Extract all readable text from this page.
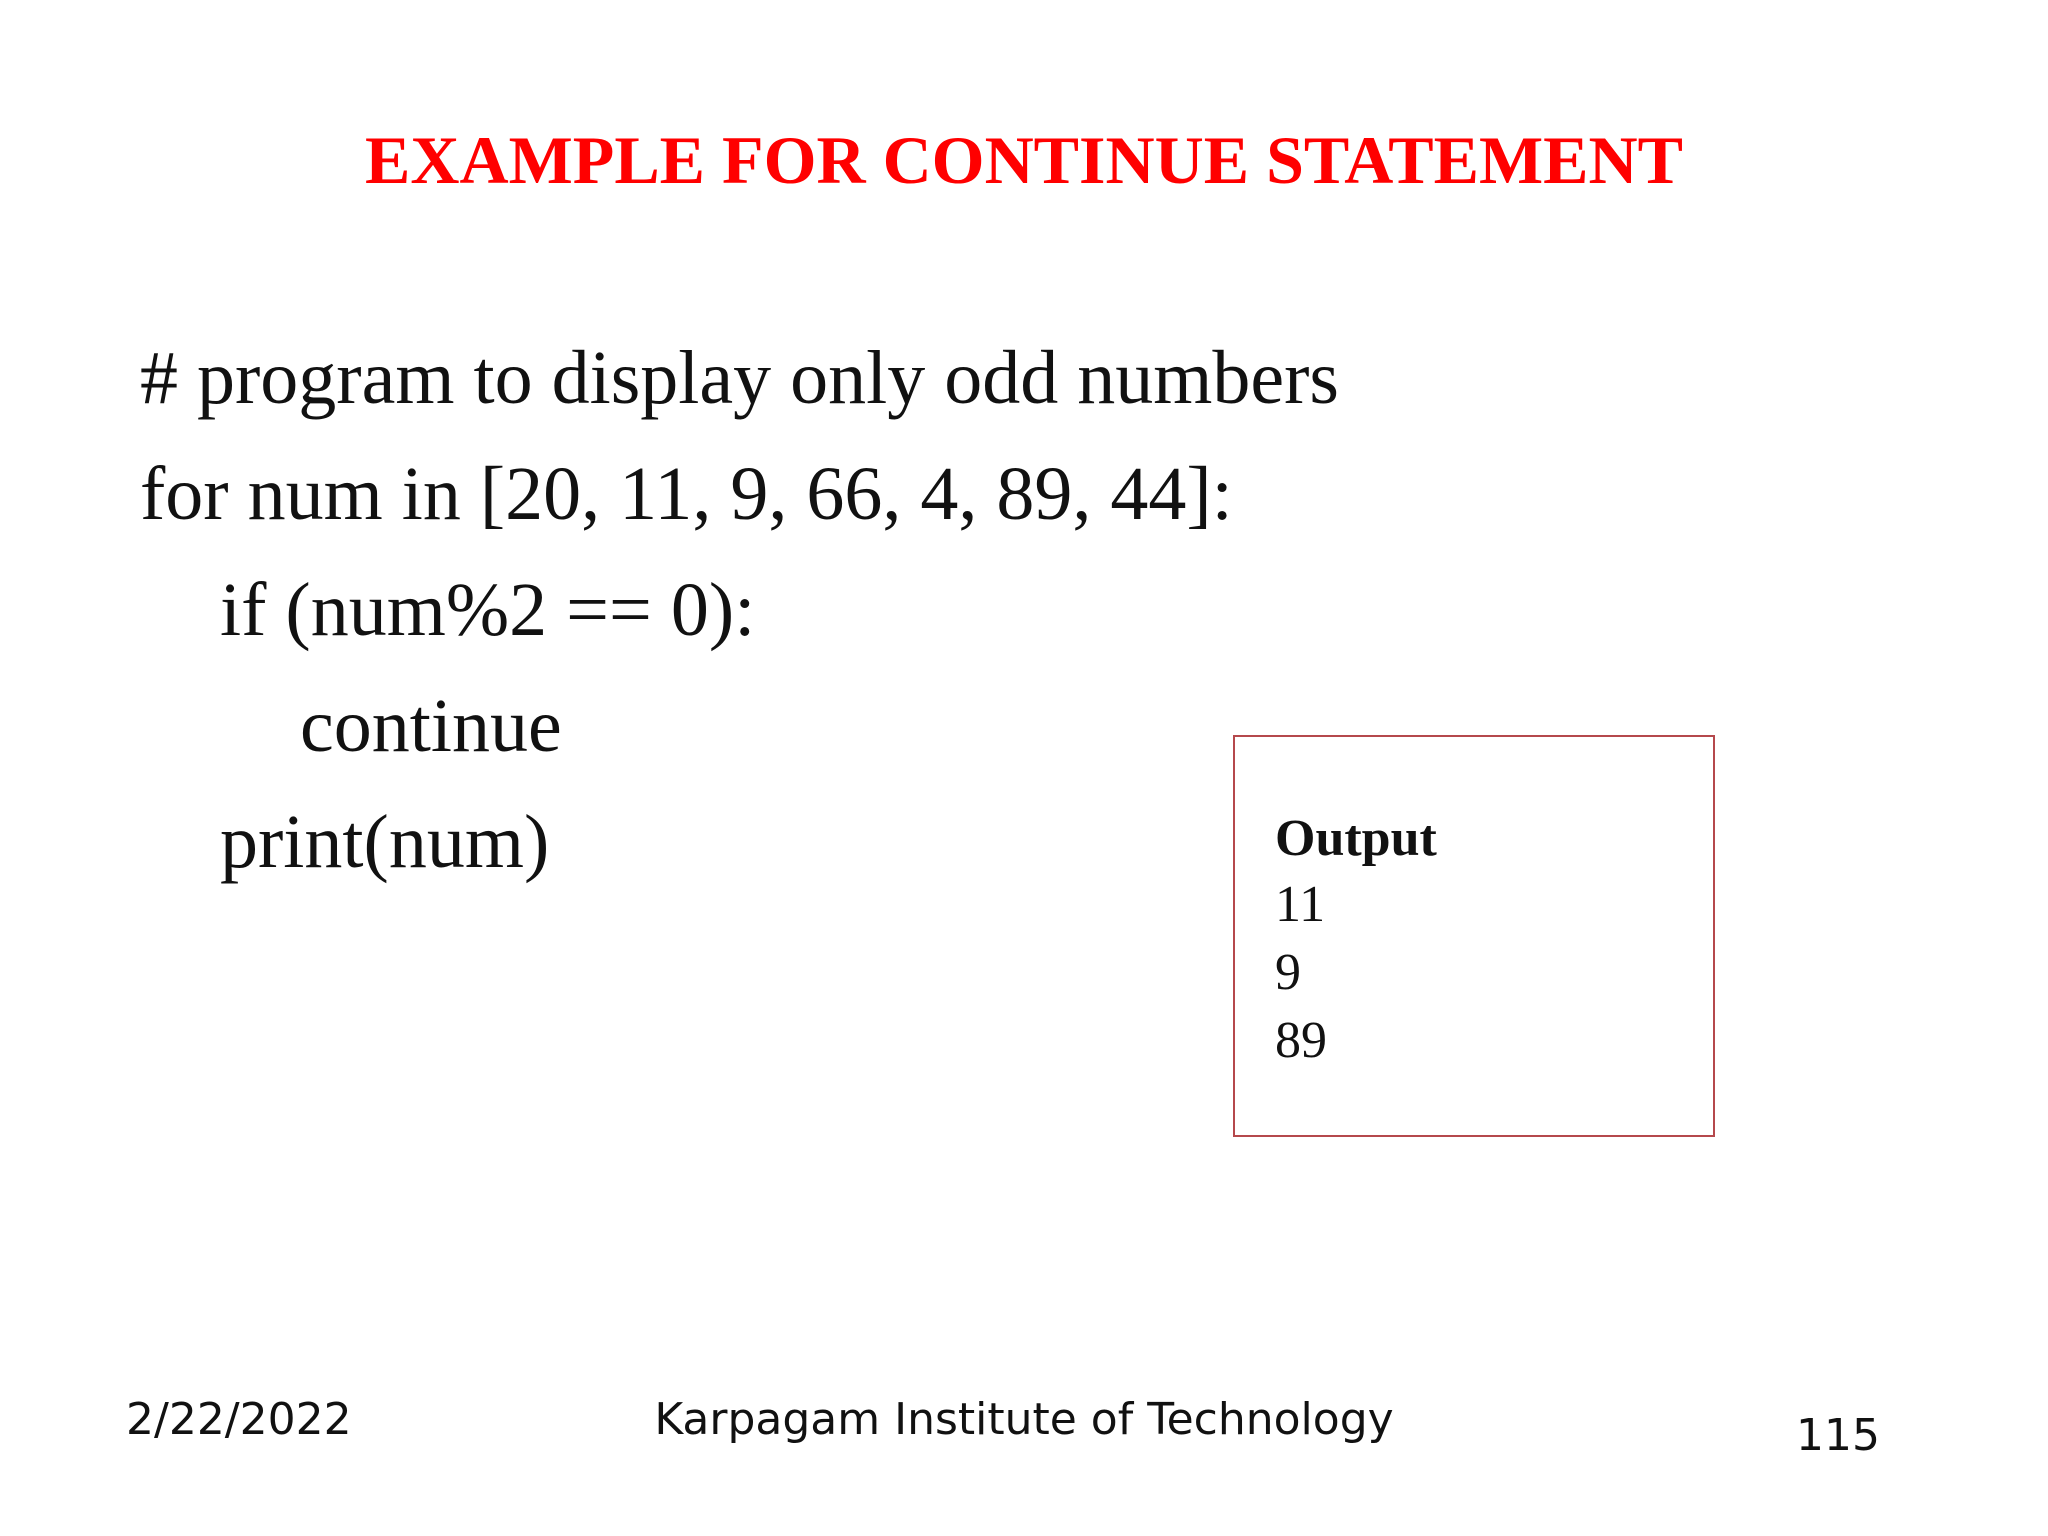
EXAMPLE FOR CONTINUE STATEMENT
# program to display only odd numbers
for num in [20, 11, 9, 66, 4, 89, 44]:
if (num%2 == 0):
continue
print(num)	Output
11
9
89
2/22/2022	Karpagam Institute of Technology	115
